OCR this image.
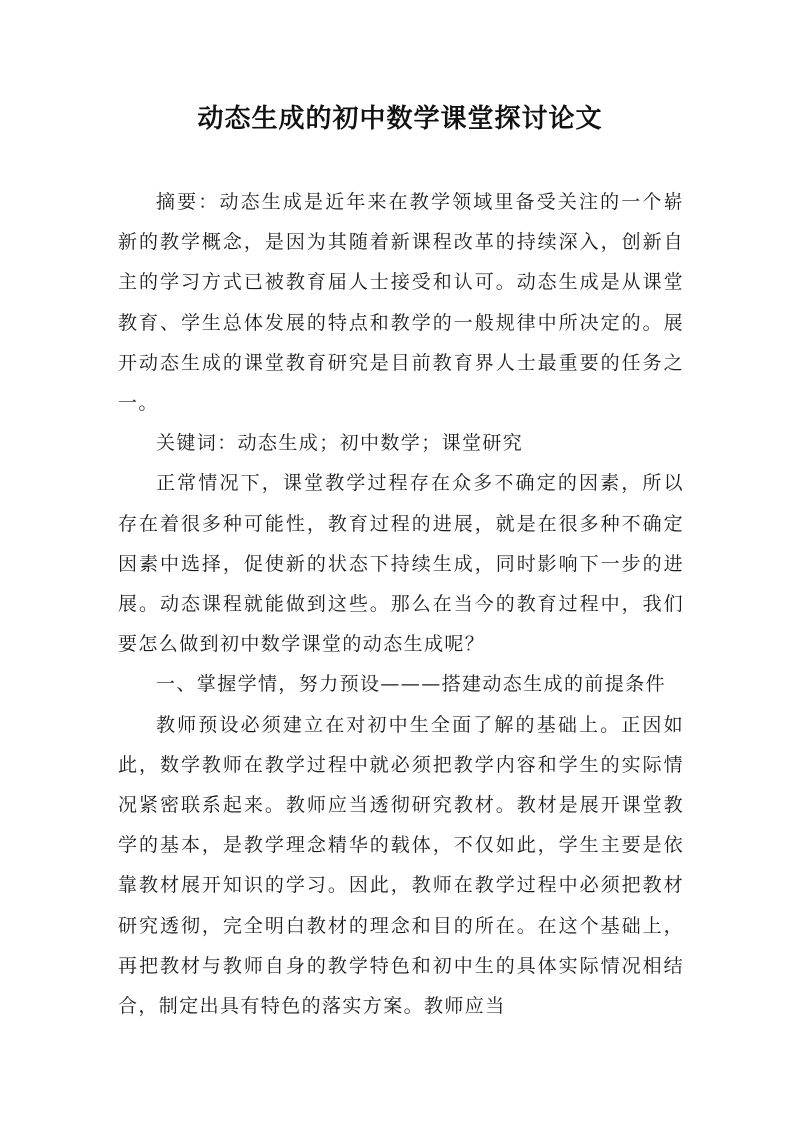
动态生成的初中数学课堂探讨论文

摘要：动态生成是近年来在教学领域里备受关注的一个崭新的教学概念，是因为其随着新课程改革的持续深入，创新自主的学习方式已被教育届人士接受和认可。动态生成是从课堂教育、学生总体发展的特点和教学的一般规律中所决定的。展开动态生成的课堂教育研究是目前教育界人士最重要的任务之一。

关键词：动态生成；初中数学；课堂研究

正常情况下，课堂教学过程存在众多不确定的因素，所以存在着很多种可能性，教育过程的进展，就是在很多种不确定因素中选择，促使新的状态下持续生成，同时影响下一步的进展。动态课程就能做到这些。那么在当今的教育过程中，我们要怎么做到初中数学课堂的动态生成呢？

一、掌握学情，努力预设———搭建动态生成的前提条件

教师预设必须建立在对初中生全面了解的基础上。正因如此，数学教师在教学过程中就必须把教学内容和学生的实际情况紧密联系起来。教师应当透彻研究教材。教材是展开课堂教学的基本，是教学理念精华的载体，不仅如此，学生主要是依靠教材展开知识的学习。因此，教师在教学过程中必须把教材研究透彻，完全明白教材的理念和目的所在。在这个基础上，再把教材与教师自身的教学特色和初中生的具体实际情况相结合，制定出具有特色的落实方案。教师应当
